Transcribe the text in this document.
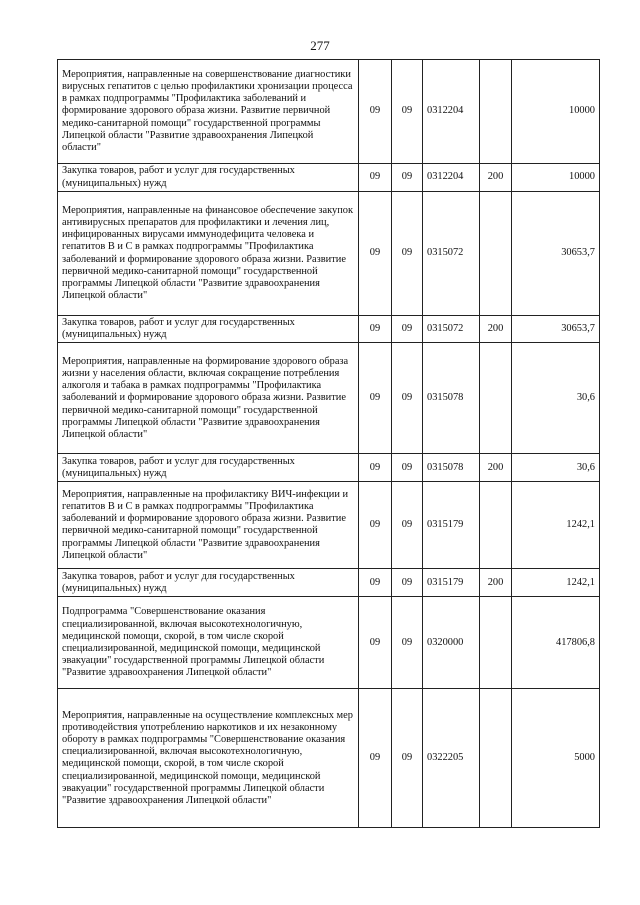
277
Мероприятия, направленные на совершенствование диагностики вирусных гепатитов с целью профилактики хронизации процесса в рамках подпрограммы "Профилактика заболеваний и формирование здорового образа жизни. Развитие первичной медико-санитарной помощи" государственной программы Липецкой области "Развитие здравоохранения Липецкой области"	09	09	0312204		10000
Закупка товаров, работ и услуг для государственных (муниципальных) нужд	09	09	0312204	200	10000
Мероприятия, направленные на финансовое обеспечение закупок антивирусных препаратов для профилактики и лечения лиц, инфицированных вирусами иммунодефицита человека и гепатитов B и C в рамках подпрограммы "Профилактика заболеваний и формирование здорового образа жизни. Развитие первичной медико-санитарной помощи" государственной программы Липецкой области "Развитие здравоохранения Липецкой области"	09	09	0315072		30653,7
Закупка товаров, работ и услуг для государственных (муниципальных) нужд	09	09	0315072	200	30653,7
Мероприятия, направленные на формирование здорового образа жизни у населения области, включая сокращение потребления алкоголя и табака в рамках подпрограммы "Профилактика заболеваний и формирование здорового образа жизни. Развитие первичной медико-санитарной помощи" государственной программы Липецкой области "Развитие здравоохранения Липецкой области"	09	09	0315078		30,6
Закупка товаров, работ и услуг для государственных (муниципальных) нужд	09	09	0315078	200	30,6
Мероприятия, направленные на профилактику ВИЧ-инфекции и гепатитов В и С в рамках подпрограммы "Профилактика заболеваний и формирование здорового образа жизни. Развитие первичной медико-санитарной помощи" государственной программы Липецкой области "Развитие здравоохранения Липецкой области"	09	09	0315179		1242,1
Закупка товаров, работ и услуг для государственных (муниципальных) нужд	09	09	0315179	200	1242,1
Подпрограмма "Совершенствование оказания специализированной, включая высокотехнологичную, медицинской помощи, скорой, в том числе скорой специализированной, медицинской помощи, медицинской эвакуации" государственной программы Липецкой области "Развитие здравоохранения Липецкой области"	09	09	0320000		417806,8
Мероприятия, направленные на осуществление комплексных мер противодействия употреблению наркотиков и их незаконному обороту в рамках подпрограммы "Совершенствование оказания специализированной, включая высокотехнологичную, медицинской помощи, скорой, в том числе скорой специализированной, медицинской помощи, медицинской эвакуации" государственной программы Липецкой области "Развитие здравоохранения Липецкой области"	09	09	0322205		5000
